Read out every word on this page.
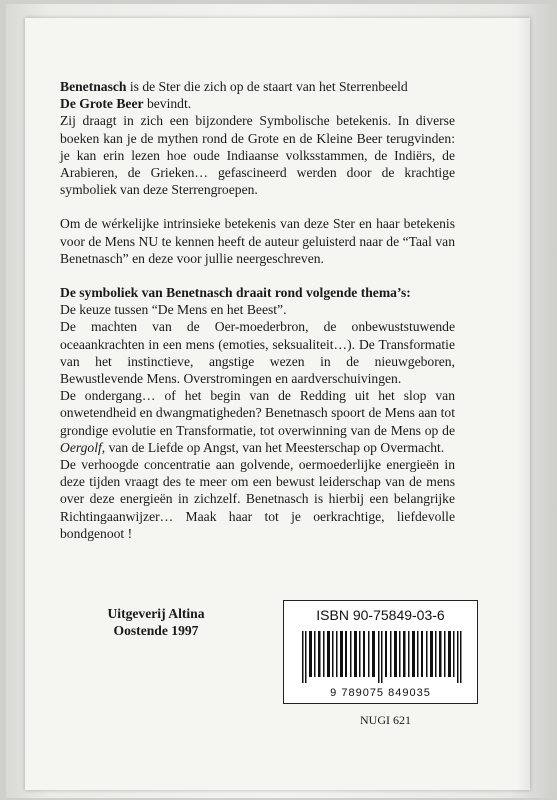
Benetnasch is de Ster die zich op de staart van het Sterrenbeeld
De Grote Beer bevindt.

Zij draagt in zich een bijzondere Symbolische betekenis. In diverse boeken kan je de mythen rond de Grote en de Kleine Beer terugvinden: je kan erin lezen hoe oude Indiaanse volksstammen, de Indiërs, de Arabieren, de Grieken… gefascineerd werden door de krachtige symboliek van deze Sterrengroepen.

Om de wérkelijke intrinsieke betekenis van deze Ster en haar betekenis voor de Mens NU te kennen heeft de auteur geluisterd naar de “Taal van Benetnasch” en deze voor jullie neergeschreven.

De symboliek van Benetnasch draait rond volgende thema’s:

De keuze tussen “De Mens en het Beest”.

De machten van de Oer-moederbron, de onbewuststuwende oceaankrachten in een mens (emoties, seksualiteit…). De Transformatie van het instinctieve, angstige wezen in de nieuwgeboren, Bewustlevende Mens. Overstromingen en aardverschuivingen.

De ondergang… of het begin van de Redding uit het slop van onwetendheid en dwangmatigheden? Benetnasch spoort de Mens aan tot grondige evolutie en Transformatie, tot overwinning van de Mens op de Oergolf, van de Liefde op Angst, van het Meesterschap op Overmacht.

De verhoogde concentratie aan golvende, oermoederlijke energieën in deze tijden vraagt des te meer om een bewust leiderschap van de mens over deze energieën in zichzelf. Benetnasch is hierbij een belangrijke Richtingaanwijzer… Maak haar tot je oerkrachtige, liefdevolle bondgenoot !

Uitgeverij Altina
Oostende 1997
ISBN 90-75849-03-6
9 789075 849035
NUGI 621
